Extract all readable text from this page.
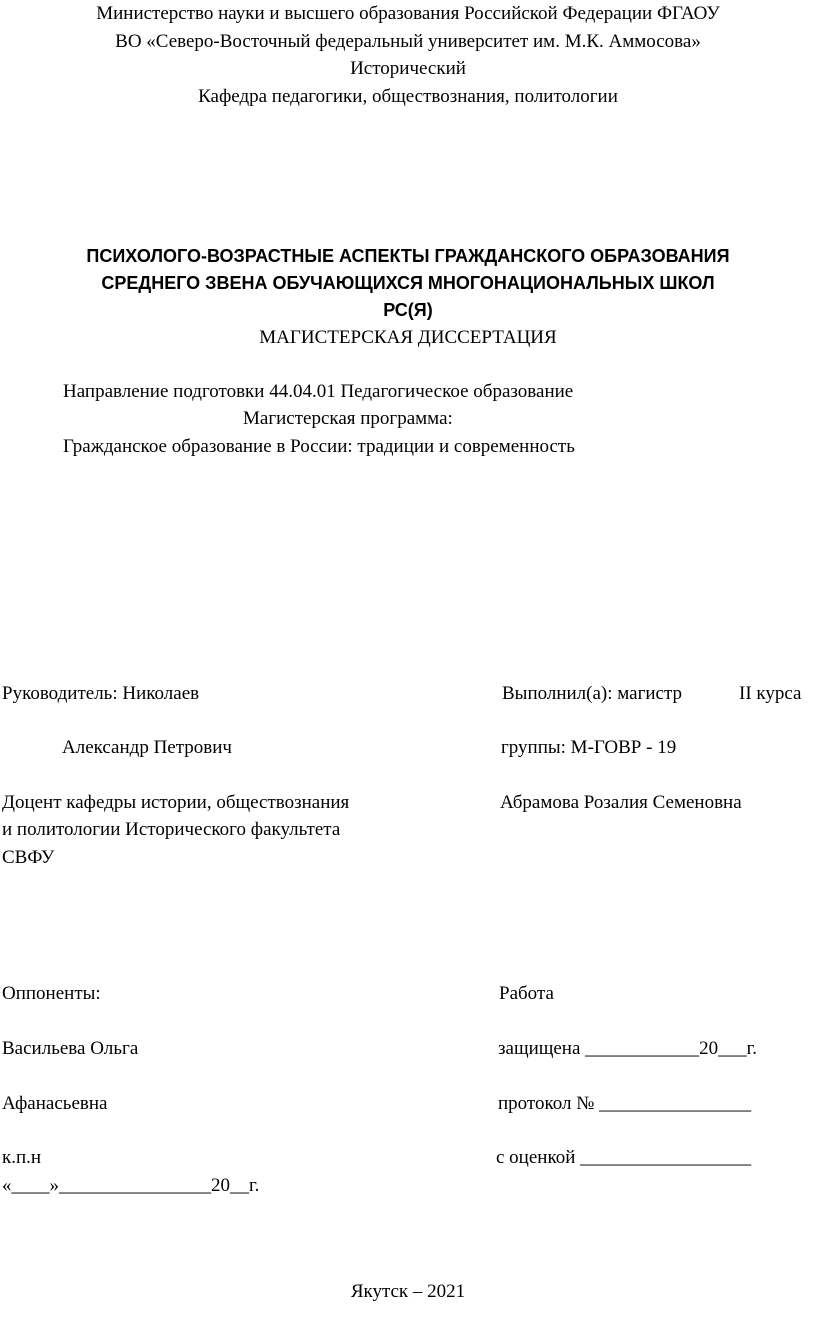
Министерство науки и высшего образования Российской Федерации ФГАОУ
ВО «Северо-Восточный федеральный университет им. М.К. Аммосова»
Исторический
Кафедра педагогики, обществознания, политологии
ПСИХОЛОГО-ВОЗРАСТНЫЕ АСПЕКТЫ ГРАЖДАНСКОГО ОБРАЗОВАНИЯ
СРЕДНЕГО ЗВЕНА ОБУЧАЮЩИХСЯ МНОГОНАЦИОНАЛЬНЫХ ШКОЛ
РС(Я)
МАГИСТЕРСКАЯ ДИССЕРТАЦИЯ
Направление подготовки 44.04.01 Педагогическое образование
Магистерская программа:
Гражданское образование в России: традиции и современность
Руководитель: Николаев	Выполнил(а): магистр	II курса
Александр Петрович	группы: М-ГОВР - 19
Доцент кафедры истории, обществознания	Абрамова Розалия Семеновна
и политологии Исторического факультета
СВФУ
Оппоненты:	Работа
Васильева Ольга	защищена ____________20___г.
Афанасьевна	протокол № ________________
к.п.н	с оценкой __________________
«____»________________20__г.
Якутск – 2021
